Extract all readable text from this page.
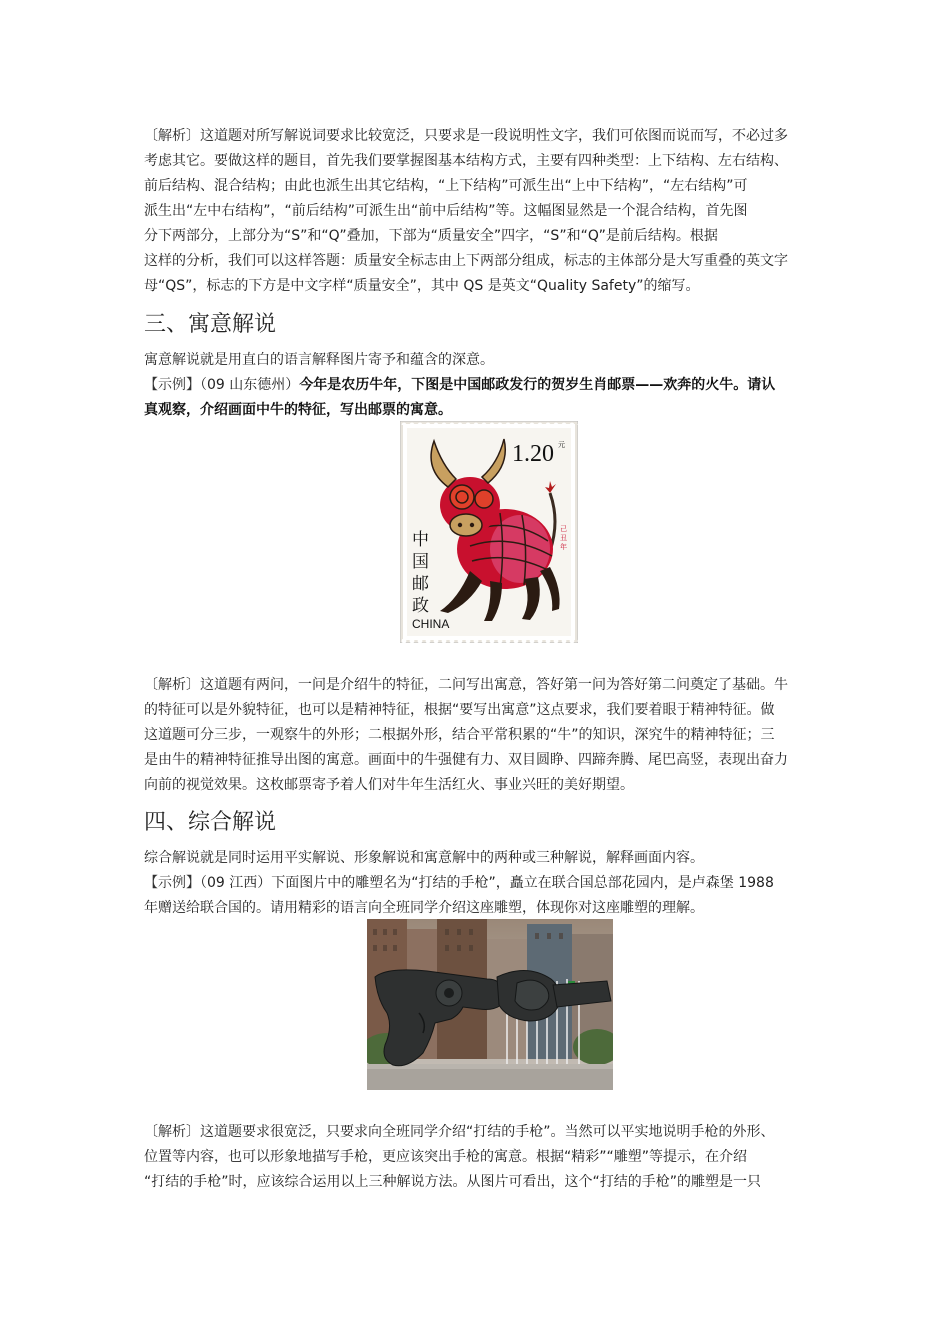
〔解析〕这道题对所写解说词要求比较宽泛，只要求是一段说明性文字，我们可依图而说而写，不必过多
考虑其它。要做这样的题目，首先我们要掌握图基本结构方式，主要有四种类型：上下结构、左右结构、
前后结构、混合结构；由此也派生出其它结构，“上下结构”可派生出“上中下结构”，“左右结构”可
派生出“左中右结构”，“前后结构”可派生出“前中后结构”等。这幅图显然是一个混合结构，首先图
分下两部分，上部分为“S”和“Q”叠加，下部为“质量安全”四字，“S”和“Q”是前后结构。根据
这样的分析，我们可以这样答题：质量安全标志由上下两部分组成，标志的主体部分是大写重叠的英文字
母“QS”，标志的下方是中文字样“质量安全”，其中 QS 是英文“Quality Safety”的缩写。
三、寓意解说
寓意解说就是用直白的语言解释图片寄予和蕴含的深意。
【示例】（09 山东德州）今年是农历牛年，下图是中国邮政发行的贺岁生肖邮票——欢奔的火牛。请认
真观察，介绍画面中牛的特征，写出邮票的寓意。
1.20 元
中
国
邮
政
CHINA
己
丑
年
〔解析〕这道题有两问，一问是介绍牛的特征，二问写出寓意，答好第一问为答好第二问奠定了基础。牛
的特征可以是外貌特征，也可以是精神特征，根据“要写出寓意”这点要求，我们要着眼于精神特征。做
这道题可分三步，一观察牛的外形；二根据外形，结合平常积累的“牛”的知识，深究牛的精神特征；三
是由牛的精神特征推导出图的寓意。画面中的牛强健有力、双目圆睁、四蹄奔腾、尾巴高竖，表现出奋力
向前的视觉效果。这枚邮票寄予着人们对牛年生活红火、事业兴旺的美好期望。
四、综合解说
综合解说就是同时运用平实解说、形象解说和寓意解中的两种或三种解说，解释画面内容。
【示例】（09 江西）下面图片中的雕塑名为“打结的手枪”，矗立在联合国总部花园内，是卢森堡 1988
年赠送给联合国的。请用精彩的语言向全班同学介绍这座雕塑，体现你对这座雕塑的理解。
〔解析〕这道题要求很宽泛，只要求向全班同学介绍“打结的手枪”。当然可以平实地说明手枪的外形、
位置等内容，也可以形象地描写手枪，更应该突出手枪的寓意。根据“精彩”“雕塑”等提示，在介绍
“打结的手枪”时，应该综合运用以上三种解说方法。从图片可看出，这个“打结的手枪”的雕塑是一只
